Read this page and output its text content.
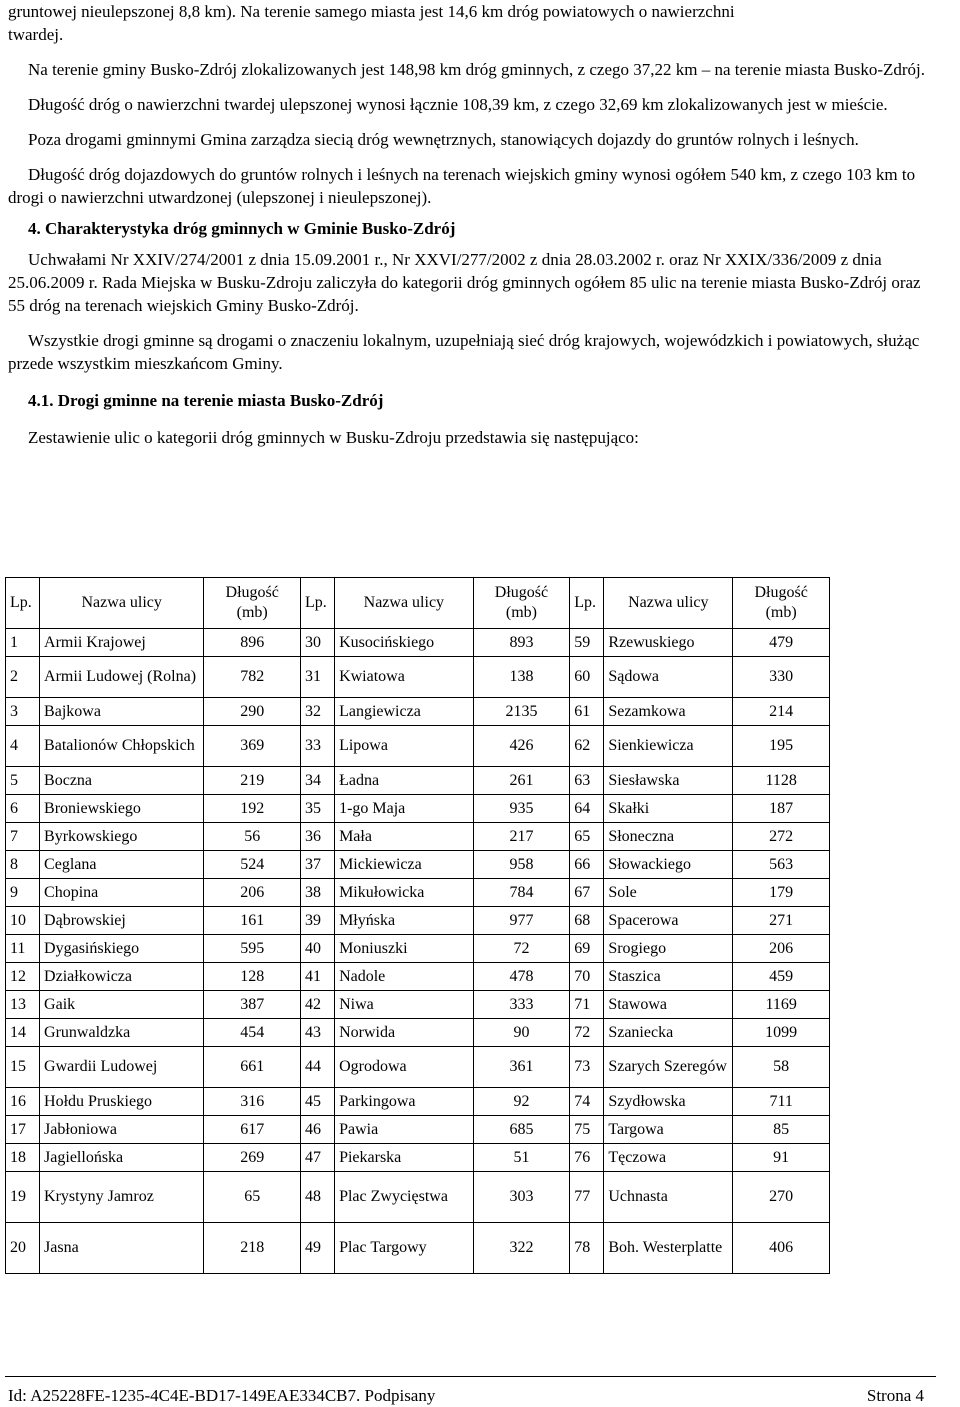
gruntowej nieulepszonej 8,8 km). Na terenie samego miasta jest 14,6 km dróg powiatowych o nawierzchni
twardej.

Na terenie gminy Busko-Zdrój zlokalizowanych jest 148,98 km dróg gminnych, z czego 37,22 km – na terenie miasta Busko-Zdrój.

Długość dróg o nawierzchni twardej ulepszonej wynosi łącznie 108,39 km, z czego 32,69 km zlokalizowanych jest w mieście.

Poza drogami gminnymi Gmina zarządza siecią dróg wewnętrznych, stanowiących dojazdy do gruntów rolnych i leśnych.

Długość dróg dojazdowych do gruntów rolnych i leśnych na terenach wiejskich gminy wynosi ogółem 540 km, z czego 103 km to drogi o nawierzchni utwardzonej (ulepszonej i nieulepszonej).

4. Charakterystyka dróg gminnych w Gminie Busko-Zdrój

Uchwałami Nr XXIV/274/2001 z dnia 15.09.2001 r., Nr XXVI/277/2002 z dnia 28.03.2002 r. oraz Nr XXIX/336/2009 z dnia 25.06.2009 r. Rada Miejska w Busku-Zdroju zaliczyła do kategorii dróg gminnych ogółem 85 ulic na terenie miasta Busko-Zdrój oraz 55 dróg na terenach wiejskich Gminy Busko-Zdrój.

Wszystkie drogi gminne są drogami o znaczeniu lokalnym, uzupełniają sieć dróg krajowych, wojewódzkich i powiatowych, służąc przede wszystkim mieszkańcom Gminy.

4.1. Drogi gminne na terenie miasta Busko-Zdrój

Zestawienie ulic o kategorii dróg gminnych w Busku-Zdroju przedstawia się następująco:

Lp.	Nazwa ulicy	Długość
(mb)	Lp.	Nazwa ulicy	Długość
(mb)	Lp.	Nazwa ulicy	Długość
(mb)
1	Armii Krajowej	896	30	Kusocińskiego	893	59	Rzewuskiego	479
2	Armii Ludowej (Rolna)	782	31	Kwiatowa	138	60	Sądowa	330
3	Bajkowa	290	32	Langiewicza	2135	61	Sezamkowa	214
4	Batalionów Chłopskich	369	33	Lipowa	426	62	Sienkiewicza	195
5	Boczna	219	34	Ładna	261	63	Siesławska	1128
6	Broniewskiego	192	35	1-go Maja	935	64	Skałki	187
7	Byrkowskiego	56	36	Mała	217	65	Słoneczna	272
8	Ceglana	524	37	Mickiewicza	958	66	Słowackiego	563
9	Chopina	206	38	Mikułowicka	784	67	Sole	179
10	Dąbrowskiej	161	39	Młyńska	977	68	Spacerowa	271
11	Dygasińskiego	595	40	Moniuszki	72	69	Srogiego	206
12	Działkowicza	128	41	Nadole	478	70	Staszica	459
13	Gaik	387	42	Niwa	333	71	Stawowa	1169
14	Grunwaldzka	454	43	Norwida	90	72	Szaniecka	1099
15	Gwardii Ludowej	661	44	Ogrodowa	361	73	Szarych Szeregów	58
16	Hołdu Pruskiego	316	45	Parkingowa	92	74	Szydłowska	711
17	Jabłoniowa	617	46	Pawia	685	75	Targowa	85
18	Jagiellońska	269	47	Piekarska	51	76	Tęczowa	91
19	Krystyny Jamroz	65	48	Plac Zwycięstwa	303	77	Uchnasta	270
20	Jasna	218	49	Plac Targowy	322	78	Boh. Westerplatte	406
Id: A25228FE-1235-4C4E-BD17-149EAE334CB7. Podpisany	Strona 4
